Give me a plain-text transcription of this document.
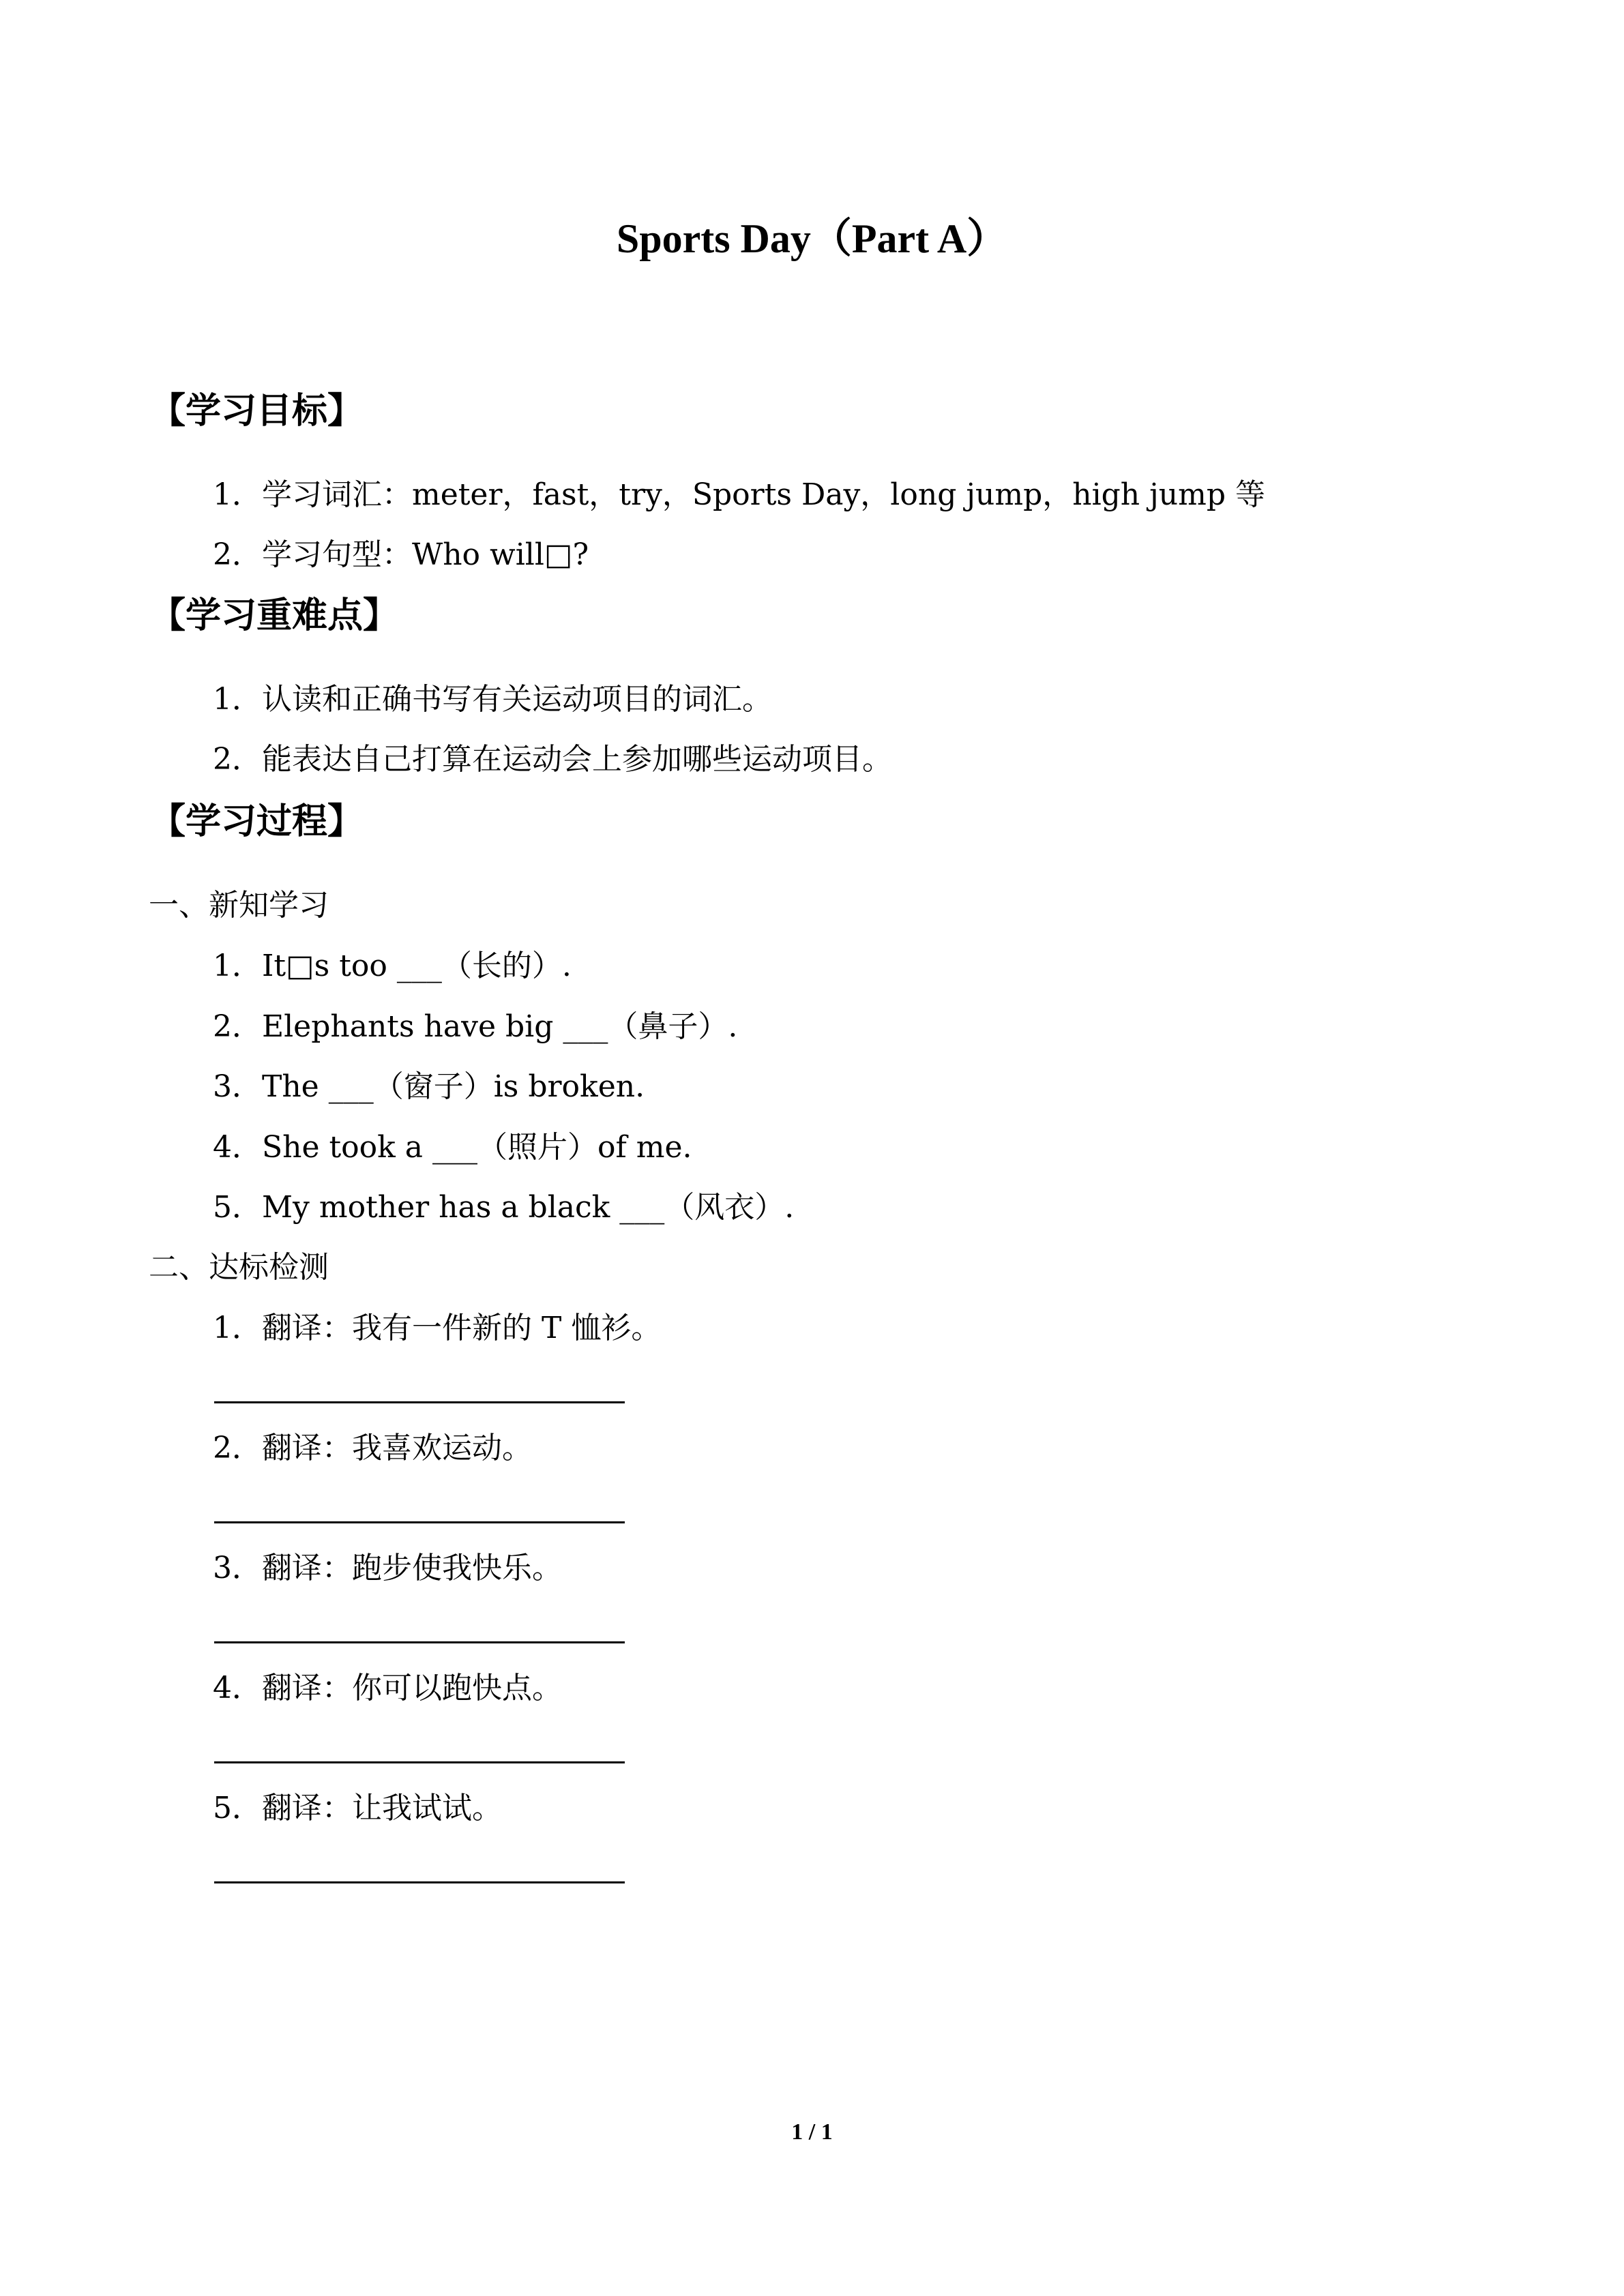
Sports Day（Part A）
【学习目标】
1．学习词汇：meter，fast，try，Sports Day，long jump，high jump 等
2．学习句型：Who will□?
【学习重难点】
1．认读和正确书写有关运动项目的词汇。
2．能表达自己打算在运动会上参加哪些运动项目。
【学习过程】
一、新知学习
1．It□s too ___（长的）.
2．Elephants have big ___（鼻子）.
3．The ___（窗子）is broken.
4．She took a ___（照片）of me.
5．My mother has a black ___（风衣）.
二、达标检测
1．翻译：我有一件新的 T 恤衫。
2．翻译：我喜欢运动。
3．翻译：跑步使我快乐。
4．翻译：你可以跑快点。
5．翻译：让我试试。
1 / 1
